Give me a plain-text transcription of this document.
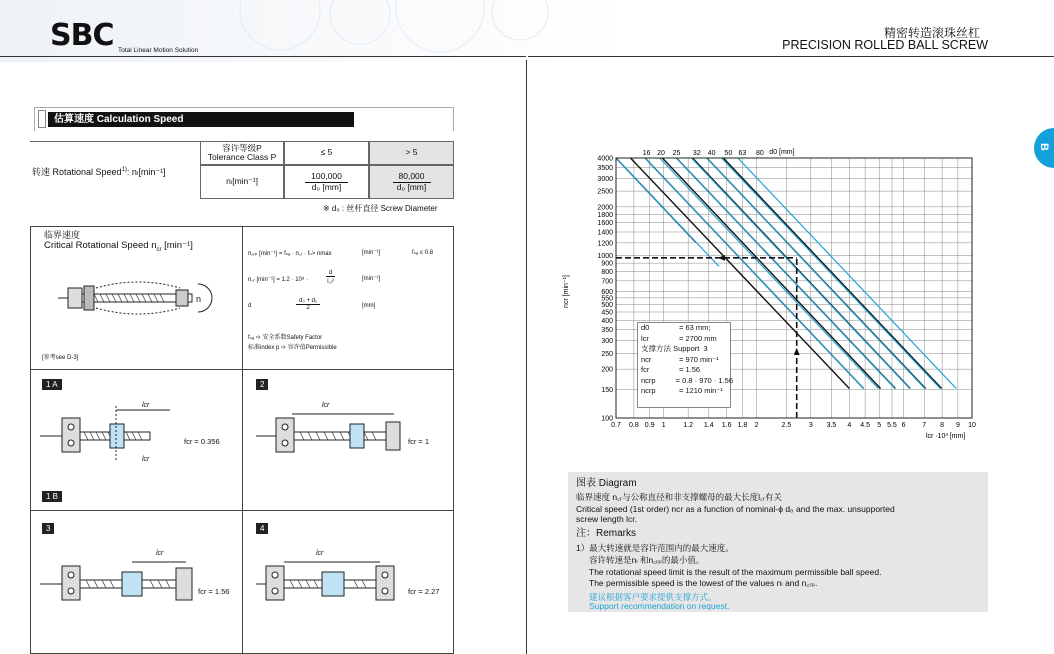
SBC Total Linear Motion Solution
精密转造滚珠丝杠
PRECISION ROLLED BALL SCREW
B
估算速度 Calculation Speed
转速 Rotational Speed$^{1)}$: nₗ[min⁻¹]
容许等级P
Tolerance Class P	≤ 5	> 5
nₗ[min⁻¹]	$\frac{100,000}{\text{d₀ [mm]}}$	$\frac{80,000}{\text{d₀ [mm]}}$
※ d₀ : 丝杆直径 Screw Diameter
临界速度
Critical Rotational Speed $n_{cr}$ [min⁻¹]
n
n꜀ᵣₚ [min⁻¹] = fₛₐ · n꜀ᵣ · fₙ> nmax	[min⁻¹]	fₛₐ ≤ 0.8
n꜀ᵣ [min⁻¹] = 1.2 · 10⁸ ·
d
l꜀ᵣ²	[min⁻¹]
d
d₀ + d₁
2	[mm]
fₛₐ ➩ 安全系数Safety Factor
标准index p ➩ 容许值Permissible
[参考see D-3]
1 A	2
1 B
3	4
lcr
lcr
fcr = 0.356
lcr
fcr = 1
lcr
fcr = 1.56
lcr
fcr = 2.27
0.7 0.8 0.9 1	1.2 1.4 1.6 1.8 2	2.5	3 3.5 4 4.5 5 5.5 6 7 8 9 10
100
150
200
250
300
350
400
450
500
550
600
700
800
900
1000
1200
1400
1600
1800
2000
2500
3000
3500
4000
16 20 25 32 40 50 63 80
lcr ·10³ [mm]
ncr [min⁻¹]
d0 [mm]
d0	= 63 mm;
lcr	= 2700 mm
支撑方法 Support 3
ncr	= 970 min⁻¹
fcr	= 1.56
ncrp	= 0.8 · 970 · 1.56
ncrp	= 1210 min⁻¹
图表 Diagram
临界速度 n꜀ᵣ与公称直径和非支撑螺母的最大长度l꜀ᵣ有关
Critical speed (1st order) ncr as a function of nominal-ϕ d₀ and the max. unsupported
screw length lcr.
注：Remarks
1）最大转速就是容许范围内的最大速度。
容许转速是nₗ 和n꜀ᵣₚ的最小值。
The rotational speed limit is the result of the maximum permissible ball speed.
The permissible speed is the lowest of the values nₗ and n꜀ᵣₚ.
建议根据客户要求提供支撑方式。
Support recommendation on request.
